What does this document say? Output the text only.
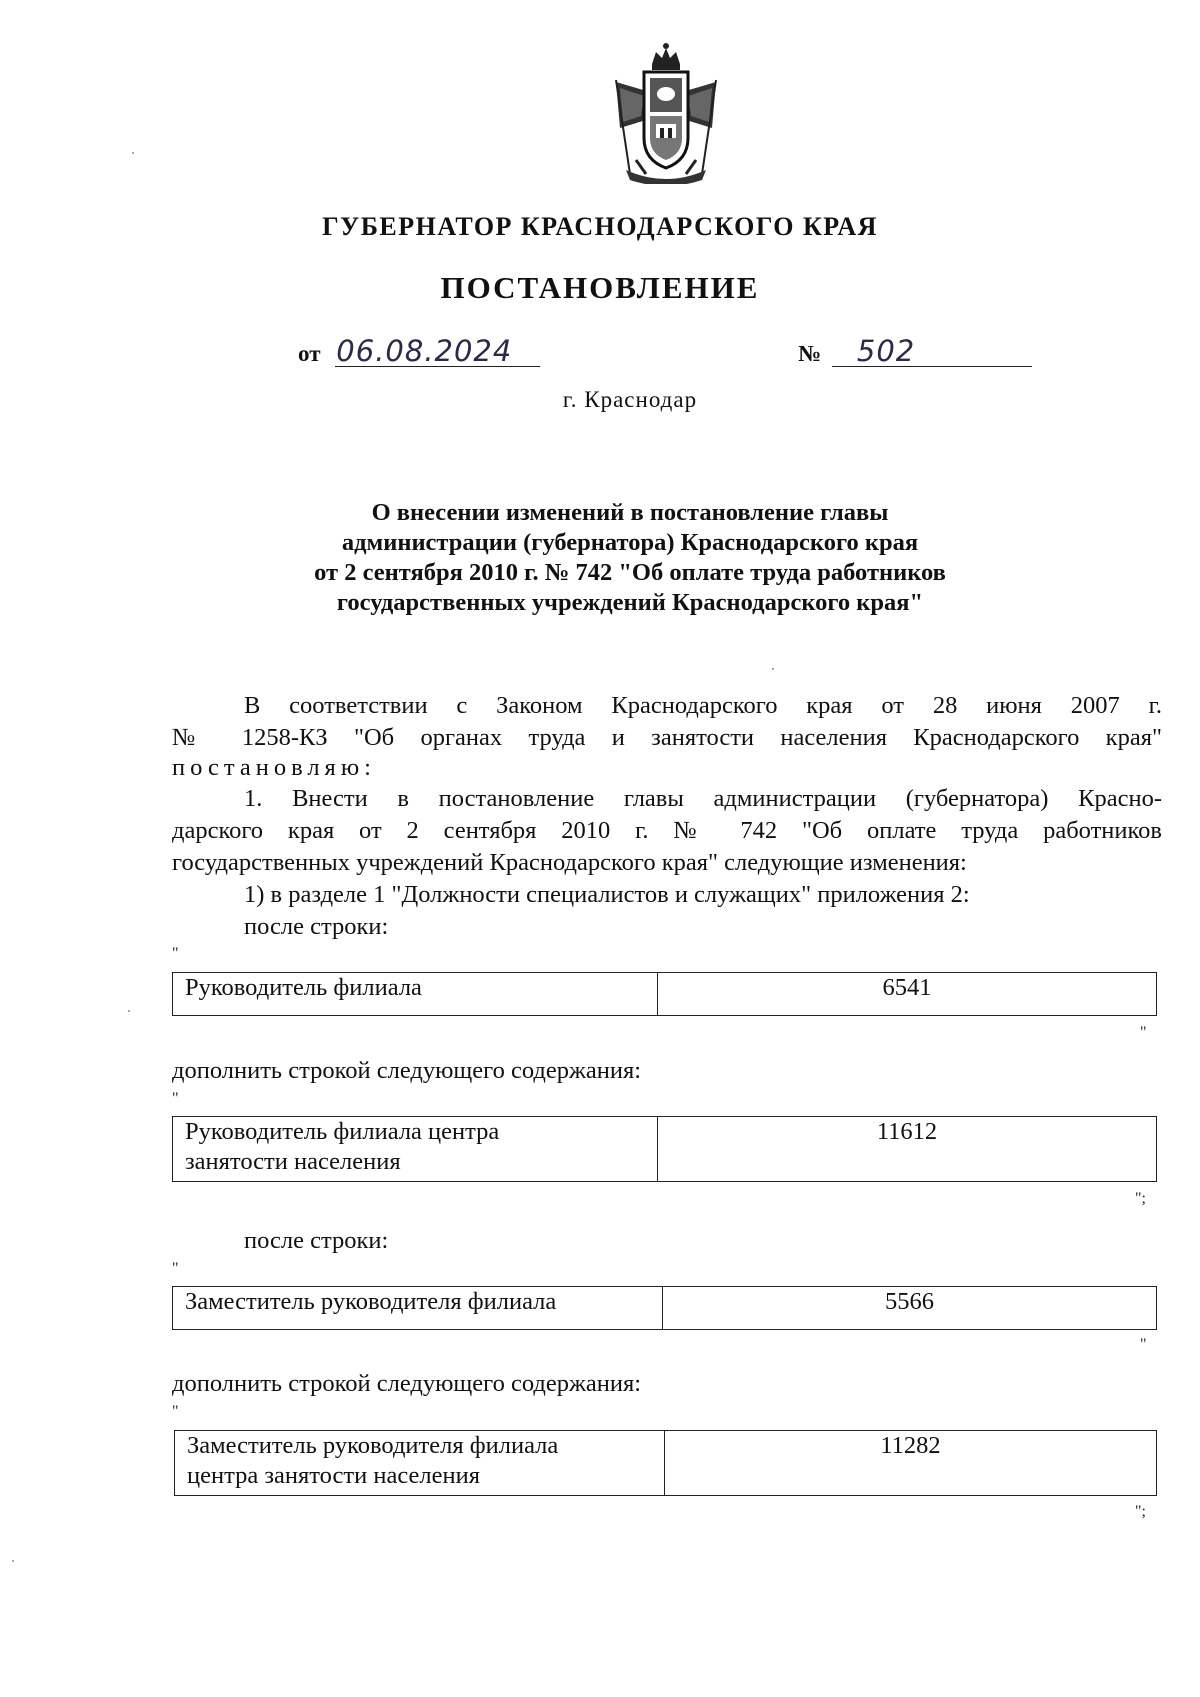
ГУБЕРНАТОР КРАСНОДАРСКОГО КРАЯ
ПОСТАНОВЛЕНИЕ
от 06.08.2024	№ 502
г. Краснодар
О внесении изменений в постановление главы
администрации (губернатора) Краснодарского края
от 2 сентября 2010 г. № 742 "Об оплате труда работников
государственных учреждений Краснодарского края"
В соответствии с Законом Краснодарского края от 28 июня 2007 г.
№ 1258-КЗ "Об органах труда и занятости населения Краснодарского края"
постановляю:
1. Внести в постановление главы администрации (губернатора) Красно-
дарского края от 2 сентября 2010 г. № 742 "Об оплате труда работников
государственных учреждений Краснодарского края" следующие изменения:
1) в разделе 1 "Должности специалистов и служащих" приложения 2:
после строки:
"
Руководитель филиала	6541
"
дополнить строкой следующего содержания:
"
Руководитель филиала центра
занятости населения
	11612
";
после строки:
"
Заместитель руководителя филиала	5566
"
дополнить строкой следующего содержания:
"
Заместитель руководителя филиала
центра занятости населения
	11282
";
